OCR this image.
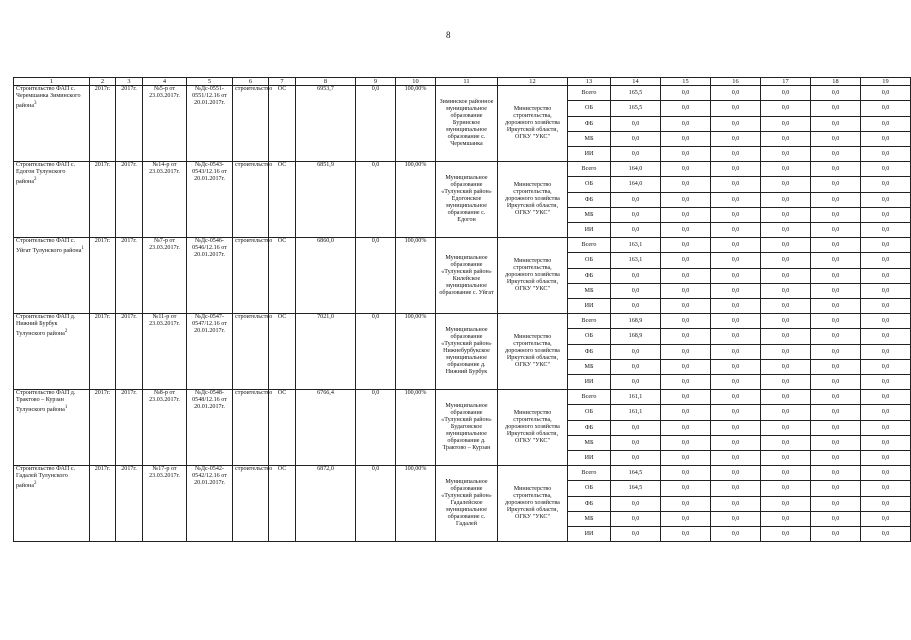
8
1	2	3	4	5	6	7	8	9	10	11	12	13	14	15	16	17	18	19
Строительство ФАП с. Черемшанка Зиминского района$^3$	2017г.	2017г.	№5-р от 23.03.2017г.	№Дс-0551-0551/12.16 от 20.01.2017г.	строительство	ОС	6953,7	0,0	100,00%	Зиминское районное муниципальное образование Буринское муниципальное образование с. Черемшанка	Министерство строительства, дорожного хозяйства Иркутской области, ОГКУ "УКС"	Всего	165,5	0,0	0,0	0,0	0,0	0,0
												ОБ	165,5	0,0	0,0	0,0	0,0	0,0
												ФБ	0,0	0,0	0,0	0,0	0,0	0,0
												МБ	0,0	0,0	0,0	0,0	0,0	0,0
												ИИ	0,0	0,0	0,0	0,0	0,0	0,0
Строительство ФАП с. Едогон Тулунского района$^2$	2017г.	2017г.	№14-р от 23.03.2017г.	№Дс-0543-0543/12.16 от 20.01.2017г.	строительство	ОС	6851,9	0,0	100,00%	Муниципальное образование «Тулунский район» Едогонское муниципальное образование с. Едогон	Министерство строительства, дорожного хозяйства Иркутской области, ОГКУ "УКС"	Всего	164,0	0,0	0,0	0,0	0,0	0,0
												ОБ	164,0	0,0	0,0	0,0	0,0	0,0
												ФБ	0,0	0,0	0,0	0,0	0,0	0,0
												МБ	0,0	0,0	0,0	0,0	0,0	0,0
												ИИ	0,0	0,0	0,0	0,0	0,0	0,0
Строительство ФАП с. Уйгат Тулунского района$^1$	2017г.	2017г.	№7-р от 23.03.2017г.	№Дс-0546-0546/12.16 от 20.01.2017г.	строительство	ОС	6860,0	0,0	100,00%	Муниципальное образование «Тулунский район» Килейское муниципальное образование с. Уйгат	Министерство строительства, дорожного хозяйства Иркутской области, ОГКУ "УКС"	Всего	163,1	0,0	0,0	0,0	0,0	0,0
												ОБ	163,1	0,0	0,0	0,0	0,0	0,0
												ФБ	0,0	0,0	0,0	0,0	0,0	0,0
												МБ	0,0	0,0	0,0	0,0	0,0	0,0
												ИИ	0,0	0,0	0,0	0,0	0,0	0,0
Строительство ФАП д. Нижний Бурбук Тулунского района$^2$	2017г.	2017г.	№11-р от 23.03.2017г.	№Дс-0547-0547/12.16 от 20.01.2017г.	строительство	ОС	7021,0	0,0	100,00%	Муниципальное образование «Тулунский район» Нижнебурбукское муниципальное образование д. Нижний Бурбук	Министерство строительства, дорожного хозяйства Иркутской области, ОГКУ "УКС"	Всего	168,9	0,0	0,0	0,0	0,0	0,0
												ОБ	168,9	0,0	0,0	0,0	0,0	0,0
												ФБ	0,0	0,0	0,0	0,0	0,0	0,0
												МБ	0,0	0,0	0,0	0,0	0,0	0,0
												ИИ	0,0	0,0	0,0	0,0	0,0	0,0
Строительство ФАП д. Трактово – Курзан Тулунского района$^1$	2017г.	2017г.	№8-р от 23.03.2017г.	№Дс-0548-0548/12.16 от 20.01.2017г.	строительство	ОС	6766,4	0,0	100,00%	Муниципальное образование «Тулунский район» Будаговское муниципальное образование д. Трактово – Курзан	Министерство строительства, дорожного хозяйства Иркутской области, ОГКУ "УКС"	Всего	161,1	0,0	0,0	0,0	0,0	0,0
												ОБ	161,1	0,0	0,0	0,0	0,0	0,0
												ФБ	0,0	0,0	0,0	0,0	0,0	0,0
												МБ	0,0	0,0	0,0	0,0	0,0	0,0
												ИИ	0,0	0,0	0,0	0,0	0,0	0,0
Строительство ФАП с. Гадалей Тулунского района$^2$	2017г.	2017г.	№17-р от 23.03.2017г.	№Дс-0542-0542/12.16 от 20.01.2017г.	строительство	ОС	6872,0	0,0	100,00%	Муниципальное образование «Тулунский район» Гадалейское муниципальное образование с. Гадалей	Министерство строительства, дорожного хозяйства Иркутской области, ОГКУ "УКС"	Всего	164,5	0,0	0,0	0,0	0,0	0,0
												ОБ	164,5	0,0	0,0	0,0	0,0	0,0
												ФБ	0,0	0,0	0,0	0,0	0,0	0,0
												МБ	0,0	0,0	0,0	0,0	0,0	0,0
												ИИ	0,0	0,0	0,0	0,0	0,0	0,0
